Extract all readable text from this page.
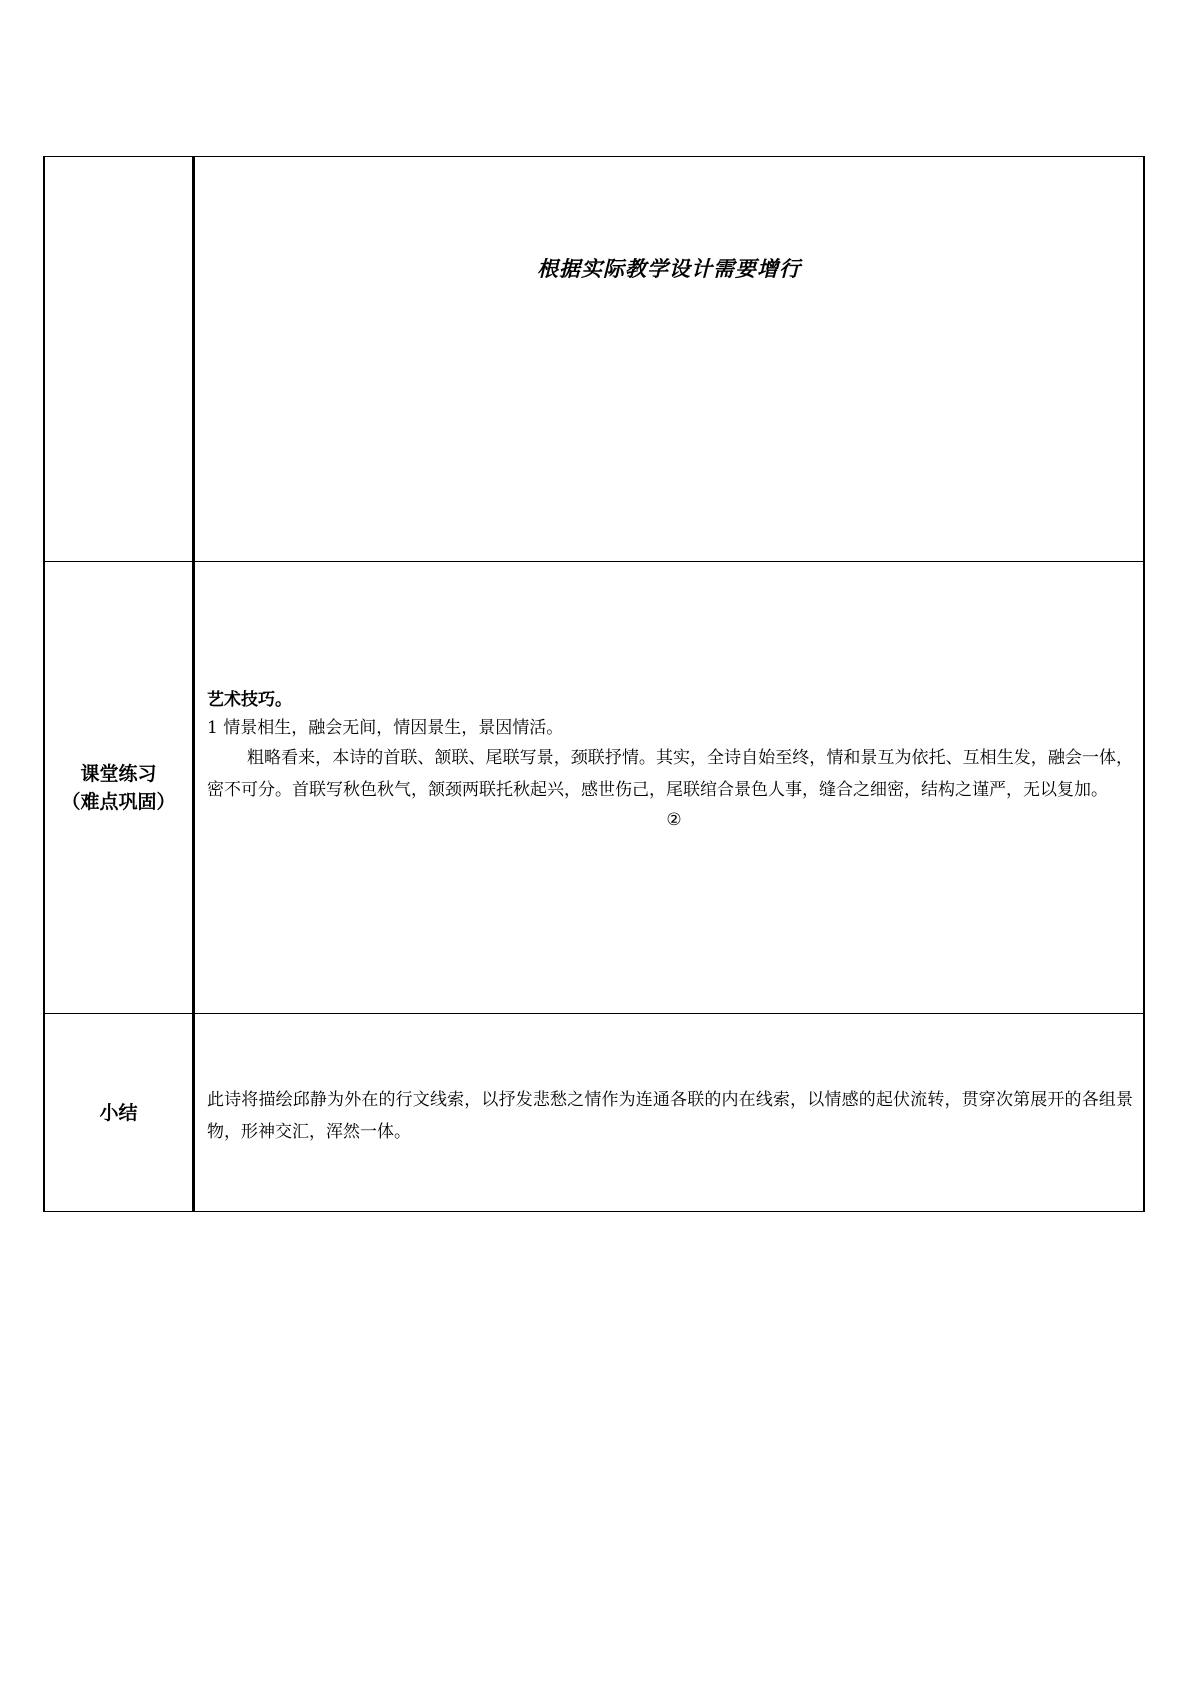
根据实际教学设计需要增行
课堂练习
（难点巩固）
艺术技巧。
1 情景相生，融会无间，情因景生，景因情活。

粗略看来，本诗的首联、颔联、尾联写景，颈联抒情。其实，全诗自始至终，情和景互为依托、互相生发，融会一体，密不可分。首联写秋色秋气，颔颈两联托秋起兴，感世伤己，尾联绾合景色人事，缝合之细密，结构之谨严，无以复加。

②
小结

此诗将描绘邱静为外在的行文线索，以抒发悲愁之情作为连通各联的内在线索，以情感的起伏流转，贯穿次第展开的各组景物，形神交汇，浑然一体。
